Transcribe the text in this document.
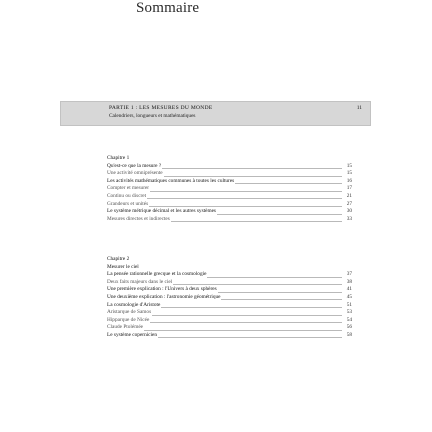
Sommaire
PARTIE 1 : LES MESURES DU MONDE
Calendriers, longueurs et mathématiques
11
Chapitre 1
Qu'est-ce que la mesure ?	15
Une activité omniprésente	15
Les activités mathématiques communes à toutes les cultures	16
Compter et mesurer	17
Continu ou discret	21
Grandeurs et unités	27
Le système métrique décimal et les autres systèmes	30
Mesures directes et indirectes	33
Chapitre 2
Mesurer le ciel
La pensée rationnelle grecque et la cosmologie	37
Deux faits majeurs dans le ciel	38
Une première explication : l'Univers à deux sphères	41
Une deuxième explication : l'astronomie géométrique	45
La cosmologie d'Aristote	51
Aristarque de Samos	53
Hipparque de Nicée	54
Claude Ptolémée	56
Le système copernicien	58
